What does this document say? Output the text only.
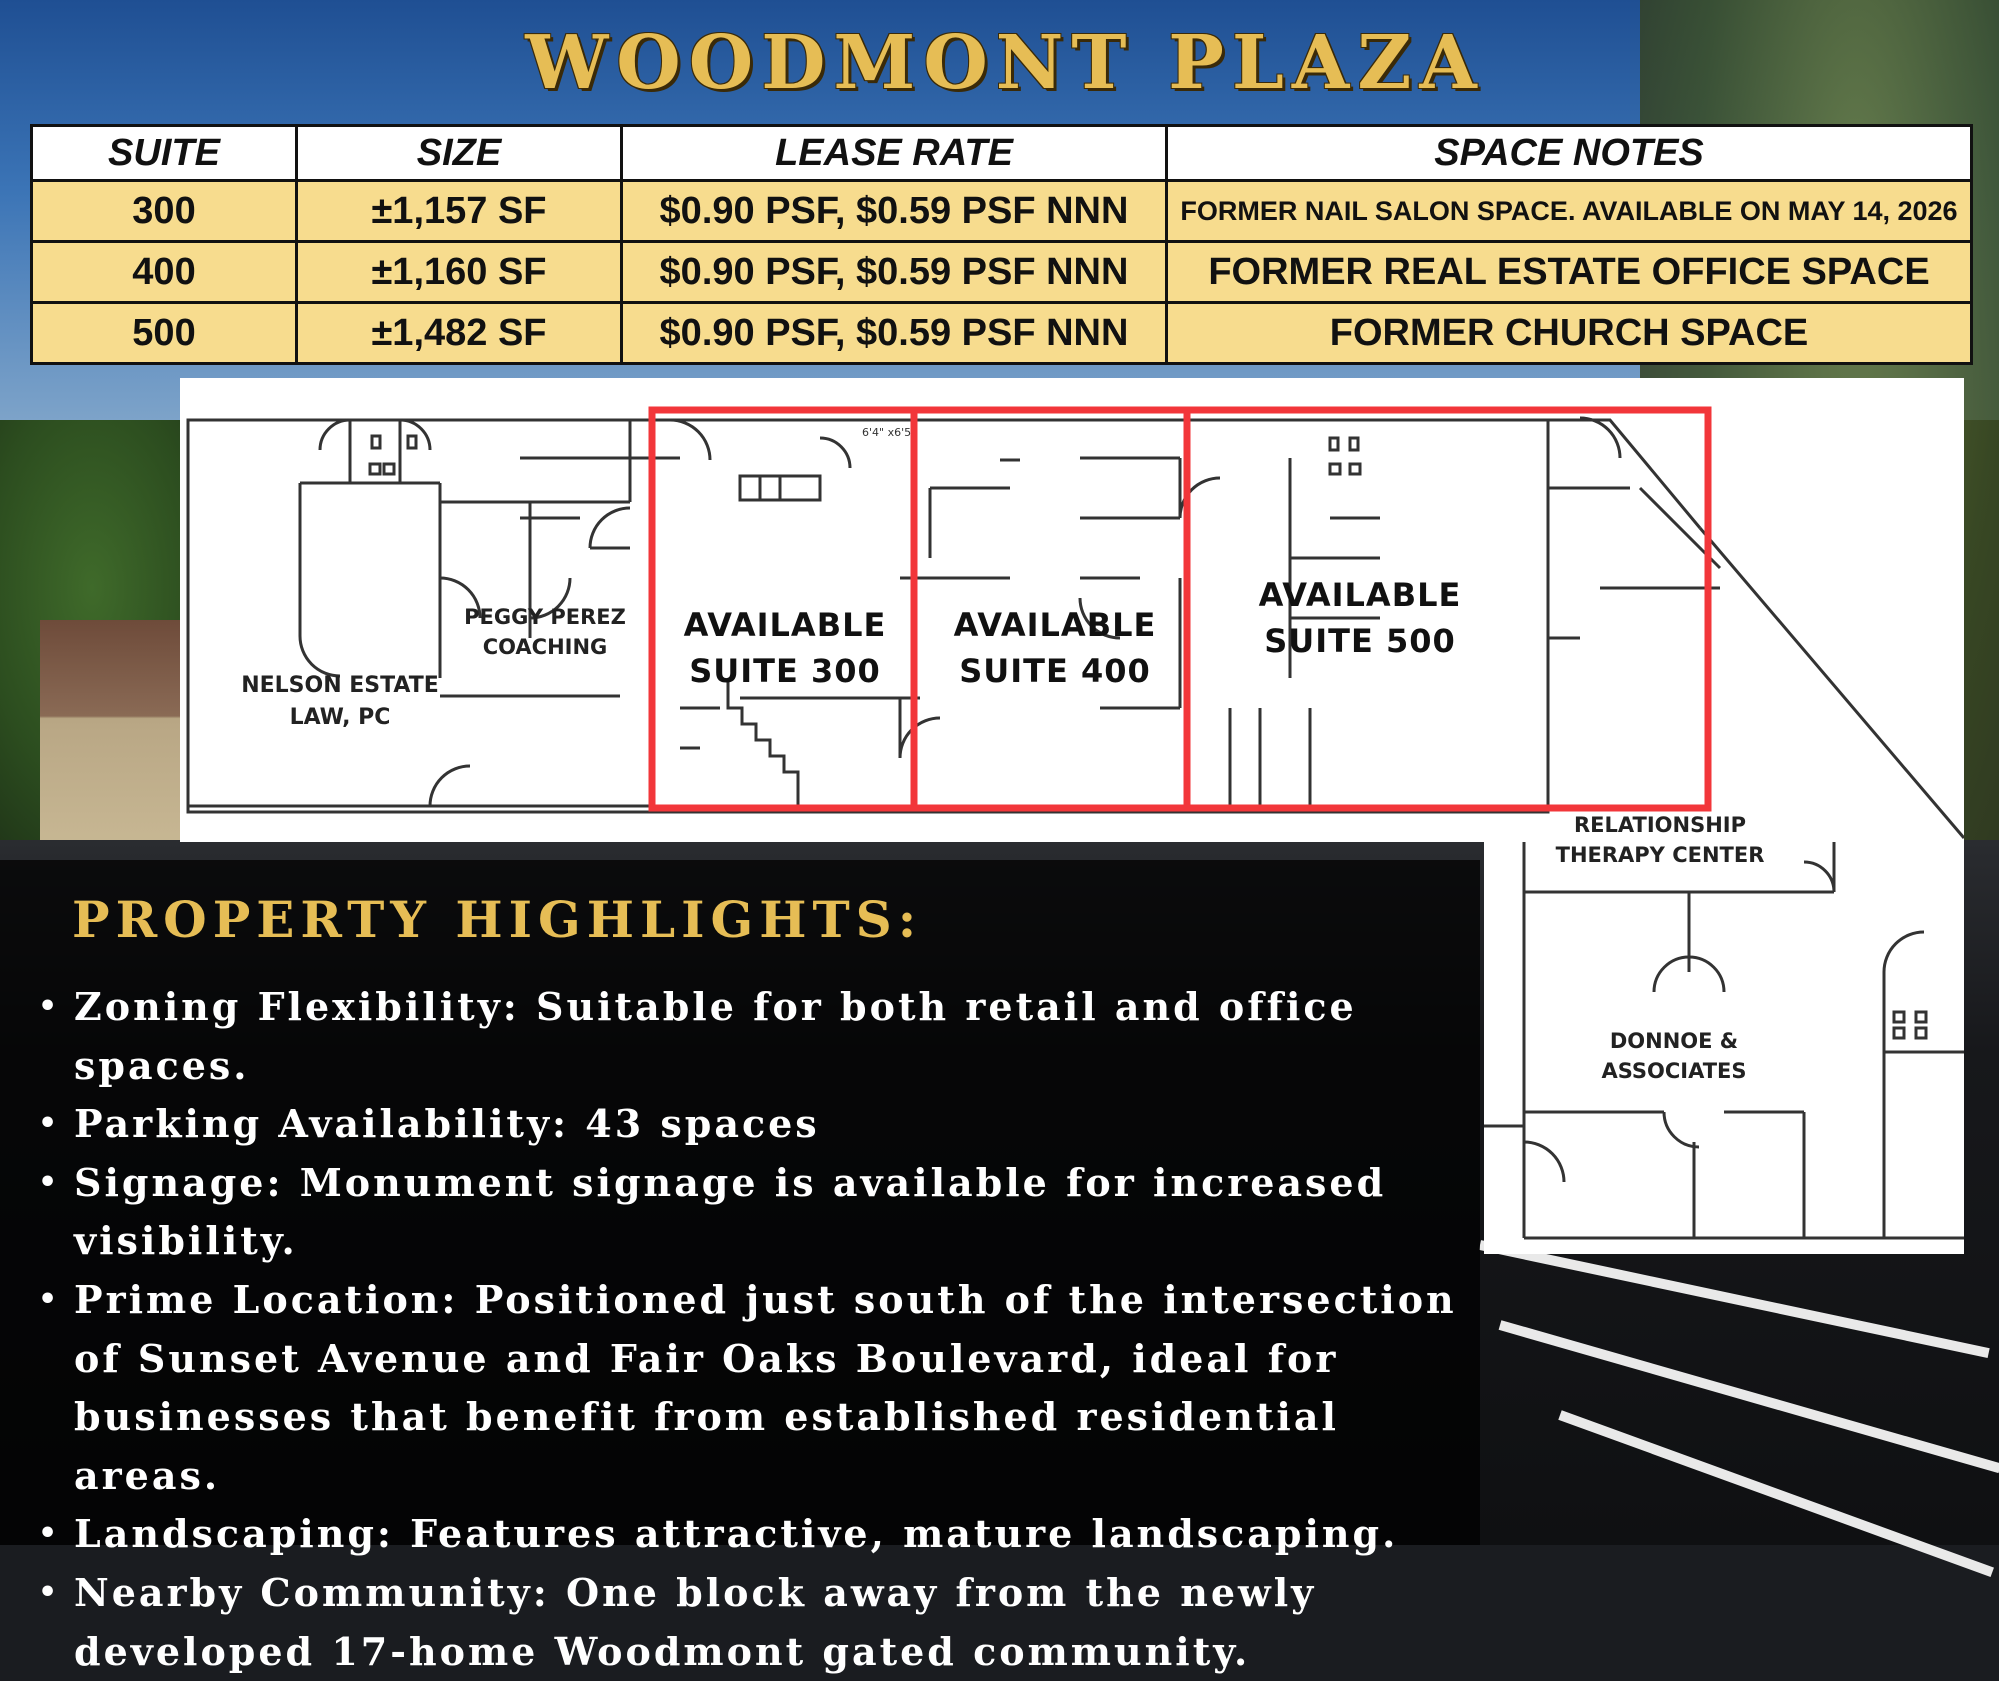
WOODMONT PLAZA
SUITE	SIZE	LEASE RATE	SPACE NOTES
300	±1,157 SF	$0.90 PSF, $0.59 PSF NNN	FORMER NAIL SALON SPACE. AVAILABLE ON MAY 14, 2026
400	±1,160 SF	$0.90 PSF, $0.59 PSF NNN	FORMER REAL ESTATE OFFICE SPACE
500	±1,482 SF	$0.90 PSF, $0.59 PSF NNN	FORMER CHURCH SPACE
6'4" x6'5"
NELSON ESTATE
LAW, PC
PEGGY PEREZ
COACHING
AVAILABLE
SUITE 300
AVAILABLE
SUITE 400
AVAILABLE
SUITE 500
DONNOE &
ASSOCIATES
RELATIONSHIP
THERAPY CENTER
PROPERTY HIGHLIGHTS:
• Zoning Flexibility: Suitable for both retail and office spaces.
• Parking Availability: 43 spaces
• Signage: Monument signage is available for increased visibility.
• Prime Location: Positioned just south of the intersection of Sunset Avenue and Fair Oaks Boulevard, ideal for businesses that benefit from established residential areas.
• Landscaping: Features attractive, mature landscaping.
• Nearby Community: One block away from the newly developed 17-home Woodmont gated community.
